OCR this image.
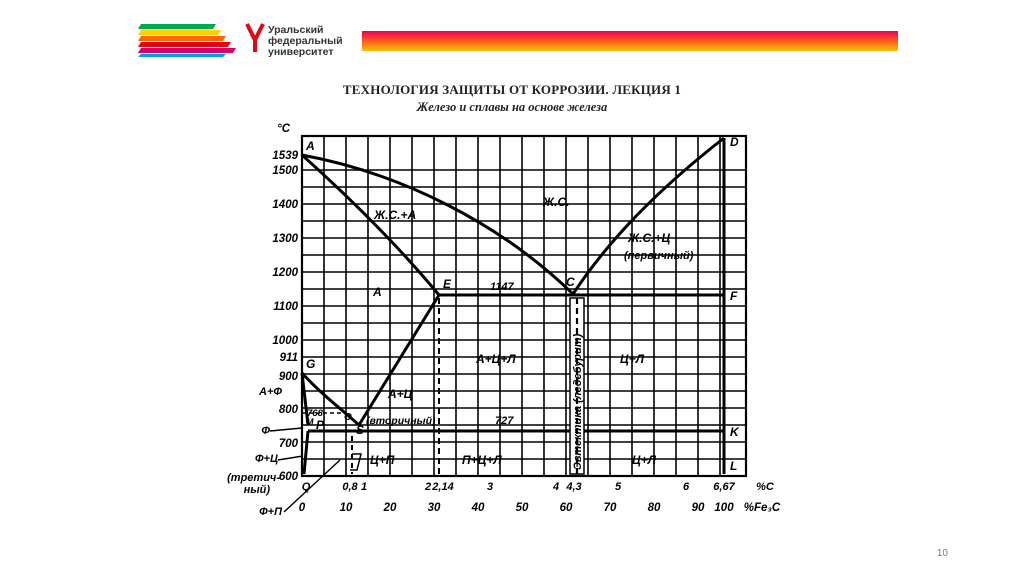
Уральский
федеральный
университет
ТЕХНОЛОГИЯ ЗАЩИТЫ ОТ КОРРОЗИИ. ЛЕКЦИЯ 1
Железо и сплавы на основе железа
°C
1539
1500
1400
1300
1200
1100
1000
911
900
800
700
600
А+Ф
Ф
Ф+Ц
(третич-
ный)
Ф+П
Q	0,8 1	2 2,14	3	4 4,3	5	6 6,67 %C
0	10	20	30	40	50	60	70	80	90 100 %Fe₃C
A	D
E	C
F
G
P	S	K
L
M	O
1147
727
768
Ж.С.
Ж.С.+А
Ж.С.+Ц
(первичный)
А
А+Ц+Л	Ц+Л
А+Ц
(вторичный)
Ц+П	П+Ц+Л	Ц+Л
Эвтектика (ледебурит)
10
